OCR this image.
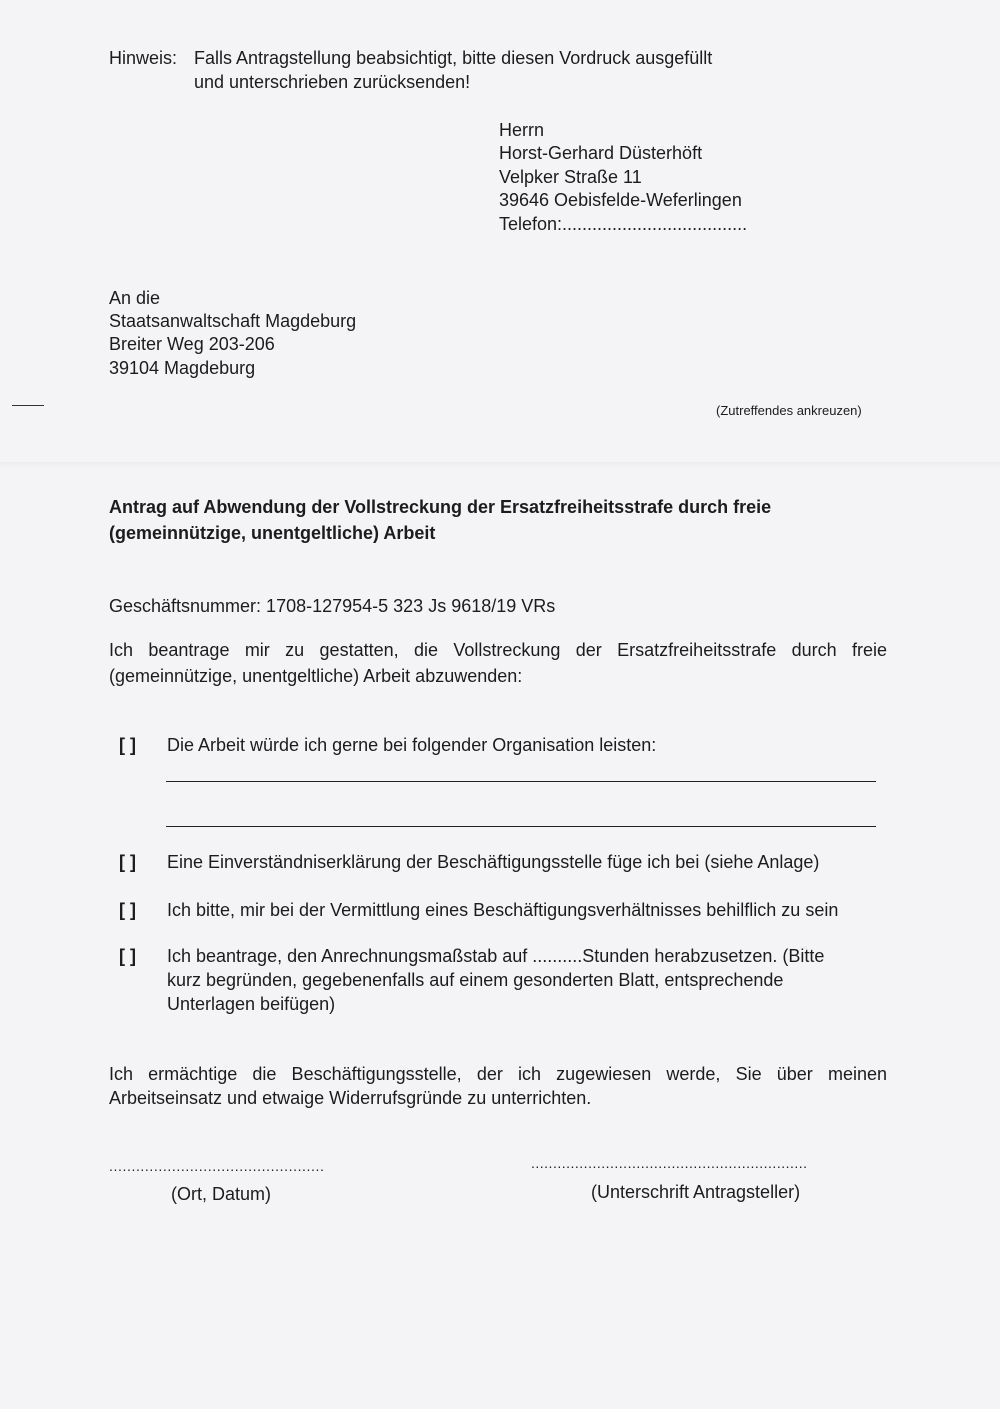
Hinweis: Falls Antragstellung beabsichtigt, bitte diesen Vordruck ausgefüllt
und unterschrieben zurücksenden!
Herrn
Horst-Gerhard Düsterhöft
Velpker Straße 11
39646 Oebisfelde-Weferlingen
Telefon:.....................................
An die
Staatsanwaltschaft Magdeburg
Breiter Weg 203-206
39104 Magdeburg
(Zutreffendes ankreuzen)
Antrag auf Abwendung der Vollstreckung der Ersatzfreiheitsstrafe durch freie
(gemeinnützige, unentgeltliche) Arbeit
Geschäftsnummer: 1708-127954-5 323 Js 9618/19 VRs
Ich beantrage mir zu gestatten, die Vollstreckung der Ersatzfreiheitsstrafe durch freie
(gemeinnützige, unentgeltliche) Arbeit abzuwenden:
[ ] Die Arbeit würde ich gerne bei folgender Organisation leisten:
[ ] Eine Einverständniserklärung der Beschäftigungsstelle füge ich bei (siehe Anlage)
[ ] Ich bitte, mir bei der Vermittlung eines Beschäftigungsverhältnisses behilflich zu sein
[ ] Ich beantrage, den Anrechnungsmaßstab auf ..........Stunden herabzusetzen. (Bitte
kurz begründen, gegebenenfalls auf einem gesonderten Blatt, entsprechende
Unterlagen beifügen)
Ich ermächtige die Beschäftigungsstelle, der ich zugewiesen werde, Sie über meinen
Arbeitseinsatz und etwaige Widerrufsgründe zu unterrichten.
................................................
(Ort, Datum)
...............................................................
(Unterschrift Antragsteller)
